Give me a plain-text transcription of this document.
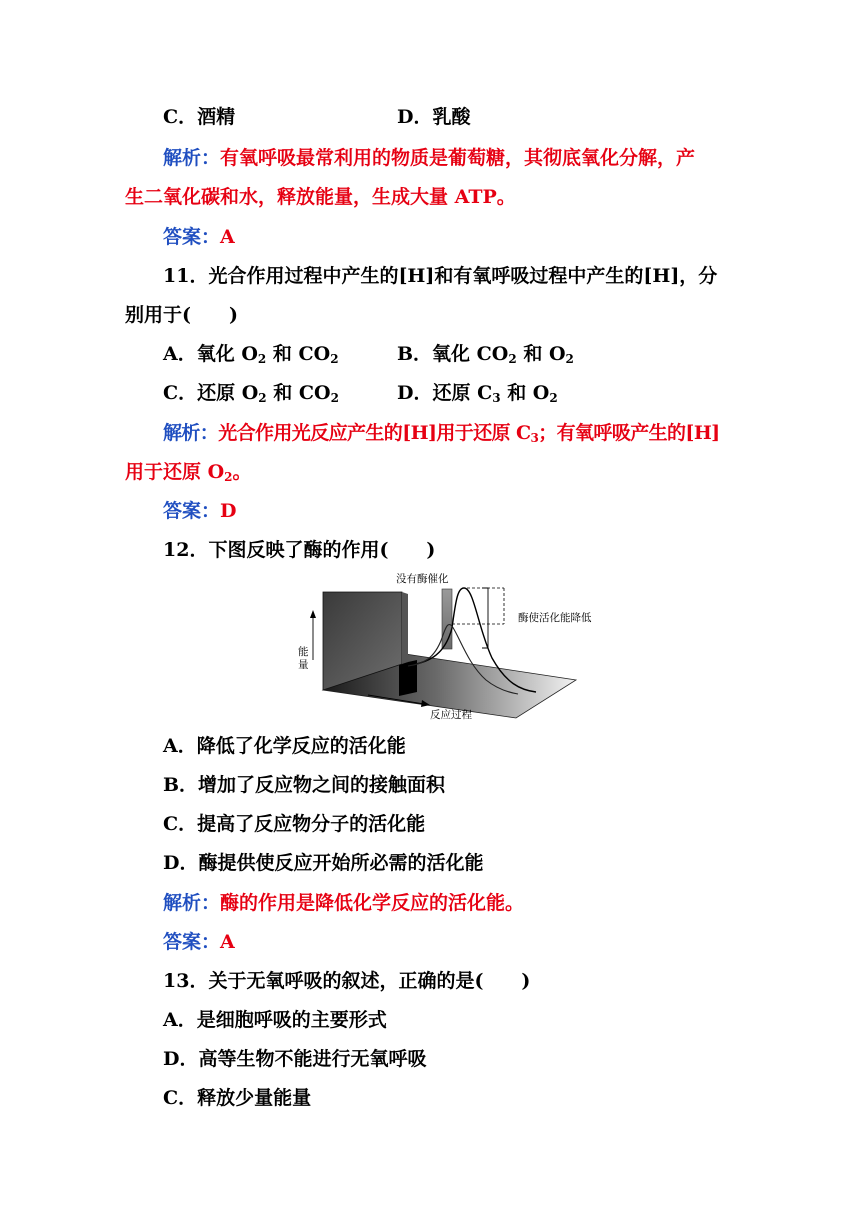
C．酒精	D．乳酸
解析：有氧呼吸最常利用的物质是葡萄糖，其彻底氧化分解，产
生二氧化碳和水，释放能量，生成大量 ATP。
答案：A
11．光合作用过程中产生的[H]和有氧呼吸过程中产生的[H]，分
别用于(　　)
A．氧化 $O_2$ 和 $CO_2$	B．氧化 $CO_2$ 和 $O_2$
C．还原 $O_2$ 和 $CO_2$	D．还原 $C_3$ 和 $O_2$
解析：光合作用光反应产生的[H]用于还原 $C_3$；有氧呼吸产生的[H]
用于还原 $O_2$。
答案：D
12．下图反映了酶的作用(　　)
没有酶催化
酶使活化能降低
能
量
反应过程
A．降低了化学反应的活化能
B．增加了反应物之间的接触面积
C．提高了反应物分子的活化能
D．酶提供使反应开始所必需的活化能
解析：酶的作用是降低化学反应的活化能。
答案：A
13．关于无氧呼吸的叙述，正确的是(　　)
A．是细胞呼吸的主要形式
D．高等生物不能进行无氧呼吸
C．释放少量能量
